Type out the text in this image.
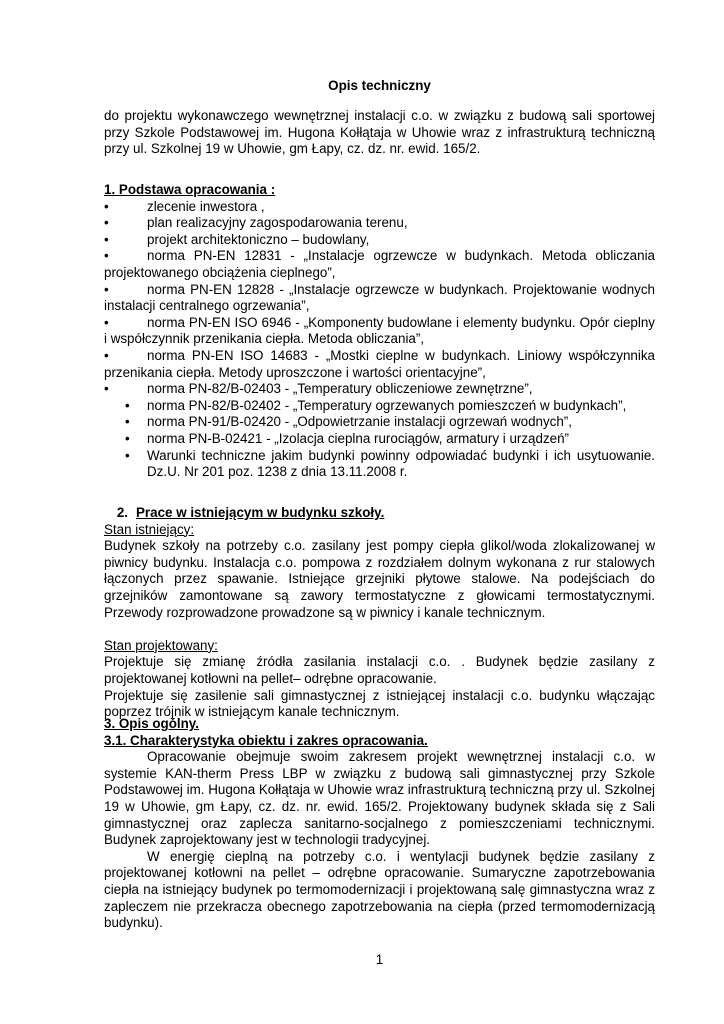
Opis techniczny
do projektu wykonawczego wewnętrznej instalacji c.o. w związku z budową sali sportowej przy Szkole Podstawowej im. Hugona Kołłątaja w Uhowie wraz z infrastrukturą techniczną przy ul. Szkolnej 19 w Uhowie, gm Łapy, cz. dz. nr. ewid. 165/2.
1. Podstawa opracowania :
•	zlecenie inwestora ,
•	plan realizacyjny zagospodarowania terenu,
•	projekt architektoniczno – budowlany,
•	norma PN-EN 12831 - „Instalacje ogrzewcze w budynkach. Metoda obliczania projektowanego obciążenia cieplnego”,
•	norma PN-EN 12828 - „Instalacje ogrzewcze w budynkach. Projektowanie wodnych instalacji centralnego ogrzewania”,
•	norma PN-EN ISO 6946 - „Komponenty budowlane i elementy budynku. Opór cieplny i współczynnik przenikania ciepła. Metoda obliczania”,
•	norma PN-EN ISO 14683 - „Mostki cieplne w budynkach. Liniowy współczynnika przenikania ciepła. Metody uproszczone i wartości orientacyjne”,
•	norma PN-82/B-02403 - „Temperatury obliczeniowe zewnętrzne”,
• norma PN-82/B-02402 - „Temperatury ogrzewanych pomieszczeń w budynkach”,
• norma PN-91/B-02420 - „Odpowietrzanie instalacji ogrzewań wodnych”,
• norma PN-B-02421 - „Izolacja cieplna rurociągów, armatury i urządzeń”
• Warunki techniczne jakim budynki powinny odpowiadać budynki i ich usytuowanie. Dz.U. Nr 201 poz. 1238 z dnia 13.11.2008 r.
2. Prace w istniejącym w budynku szkoły.
Stan istniejący:
Budynek szkoły na potrzeby c.o. zasilany jest pompy ciepła glikol/woda zlokalizowanej w piwnicy budynku. Instalacja c.o. pompowa z rozdziałem dolnym wykonana z rur stalowych łączonych przez spawanie. Istniejące grzejniki płytowe stalowe. Na podejściach do grzejników zamontowane są zawory termostatyczne z głowicami termostatycznymi. Przewody rozprowadzone prowadzone są w piwnicy i kanale technicznym.
Stan projektowany:
Projektuje się zmianę źródła zasilania instalacji c.o. . Budynek będzie zasilany z projektowanej kotłowni na pellet– odrębne opracowanie.
Projektuje się zasilenie sali gimnastycznej z istniejącej instalacji c.o. budynku włączając poprzez trójnik w istniejącym kanale technicznym.
3. Opis ogólny.
3.1. Charakterystyka obiektu i zakres opracowania.
Opracowanie obejmuje swoim zakresem projekt wewnętrznej instalacji c.o. w systemie KAN-therm Press LBP w związku z budową sali gimnastycznej przy Szkole Podstawowej im. Hugona Kołłątaja w Uhowie wraz infrastrukturą techniczną przy ul. Szkolnej 19 w Uhowie, gm Łapy, cz. dz. nr. ewid. 165/2. Projektowany budynek składa się z Sali gimnastycznej oraz zaplecza sanitarno-socjalnego z pomieszczeniami technicznymi. Budynek zaprojektowany jest w technologii tradycyjnej.
W energię cieplną na potrzeby c.o. i wentylacji budynek będzie zasilany z projektowanej kotłowni na pellet – odrębne opracowanie. Sumaryczne zapotrzebowania ciepła na istniejący budynek po termomodernizacji i projektowaną salę gimnastyczna wraz z zapleczem nie przekracza obecnego zapotrzebowania na ciepła (przed termomodernizacją budynku).
1
